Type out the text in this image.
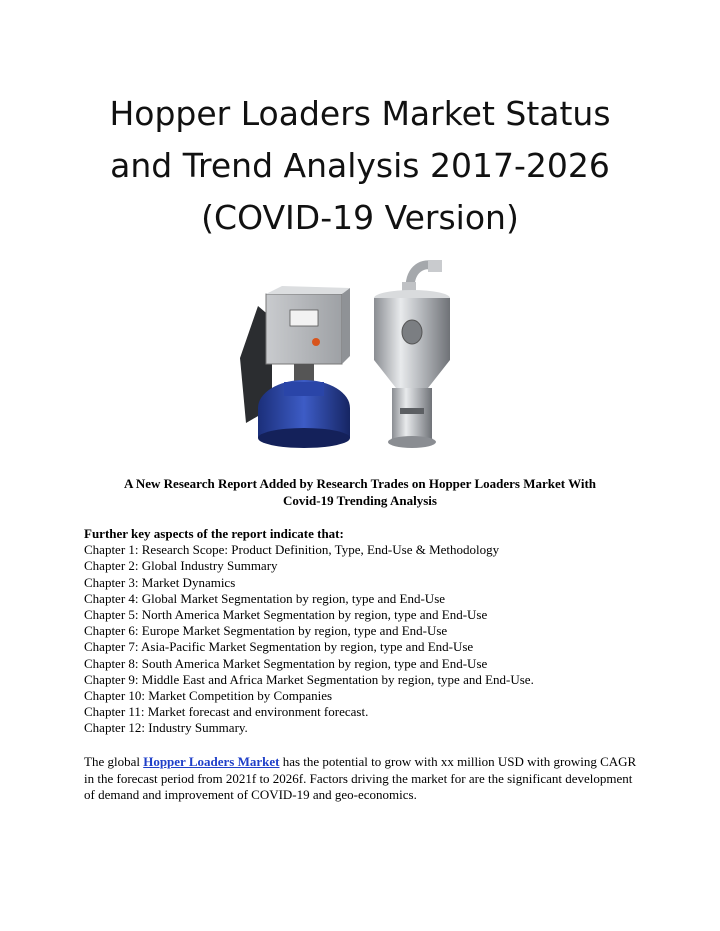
Hopper Loaders Market Status
and Trend Analysis 2017-2026
(COVID-19 Version)
A New Research Report Added by Research Trades on Hopper Loaders Market With
Covid-19 Trending Analysis
Further key aspects of the report indicate that:
Chapter 1: Research Scope: Product Definition, Type, End-Use & Methodology
Chapter 2: Global Industry Summary
Chapter 3: Market Dynamics
Chapter 4: Global Market Segmentation by region, type and End-Use
Chapter 5: North America Market Segmentation by region, type and End-Use
Chapter 6: Europe Market Segmentation by region, type and End-Use
Chapter 7: Asia-Pacific Market Segmentation by region, type and End-Use
Chapter 8: South America Market Segmentation by region, type and End-Use
Chapter 9: Middle East and Africa Market Segmentation by region, type and End-Use.
Chapter 10: Market Competition by Companies
Chapter 11: Market forecast and environment forecast.
Chapter 12: Industry Summary.
The global Hopper Loaders Market has the potential to grow with xx million USD with growing CAGR in the forecast period from 2021f to 2026f. Factors driving the market for are the significant development of demand and improvement of COVID-19 and geo-economics.
